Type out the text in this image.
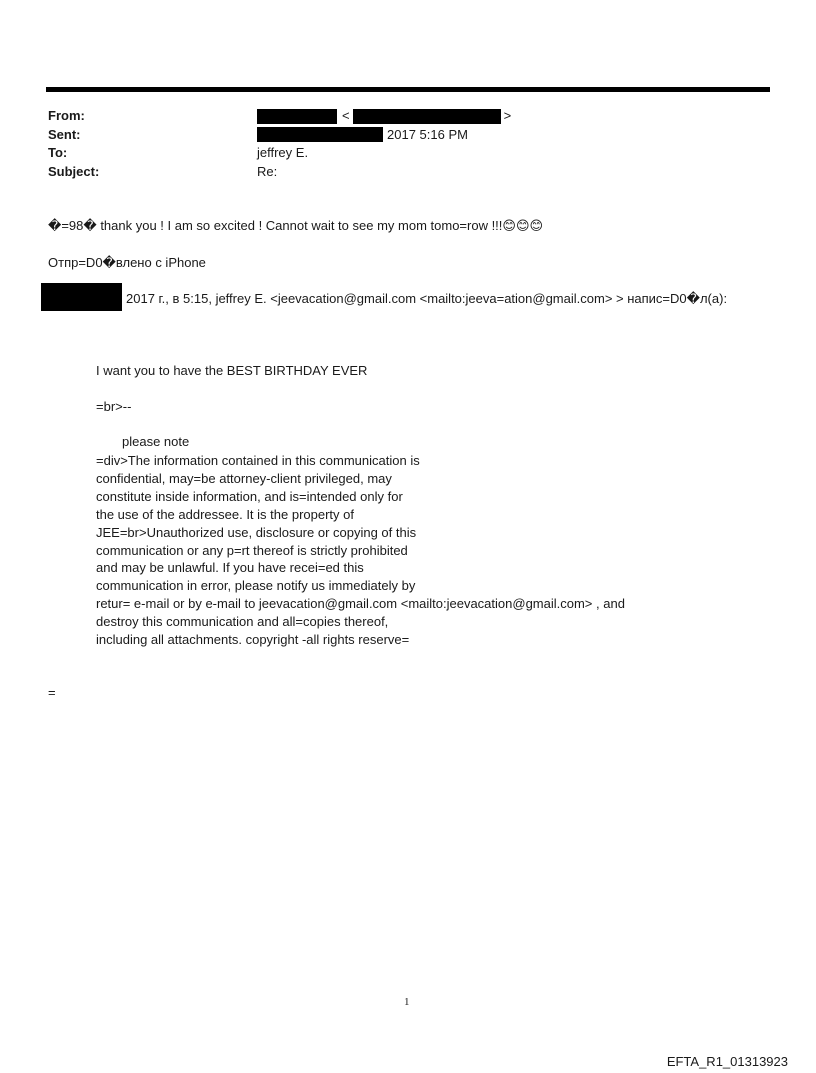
From:	<	>
Sent:	2017 5:16 PM
To:	jeffrey E.
Subject:	Re:
�=98� thank you ! I am so excited ! Cannot wait to see my mom tomo=row !!!😊😊😊
Отпр=D0�влено с iPhone
2017 г., в 5:15, jeffrey E. <jeevacation@gmail.com <mailto:jeeva=ation@gmail.com> > напис=D0�л(а):
I want you to have the BEST BIRTHDAY EVER
=br>--
please note
=div>The information contained in this communication is
confidential, may=be attorney-client privileged, may
constitute inside information, and is=intended only for
the use of the addressee. It is the property of
JEE=br>Unauthorized use, disclosure or copying of this
communication or any p=rt thereof is strictly prohibited
and may be unlawful. If you have recei=ed this
communication in error, please notify us immediately by
retur= e-mail or by e-mail to jeevacation@gmail.com <mailto:jeevacation@gmail.com> , and
destroy this communication and all=copies thereof,
including all attachments. copyright -all rights reserve=
=
1
EFTA_R1_01313923
